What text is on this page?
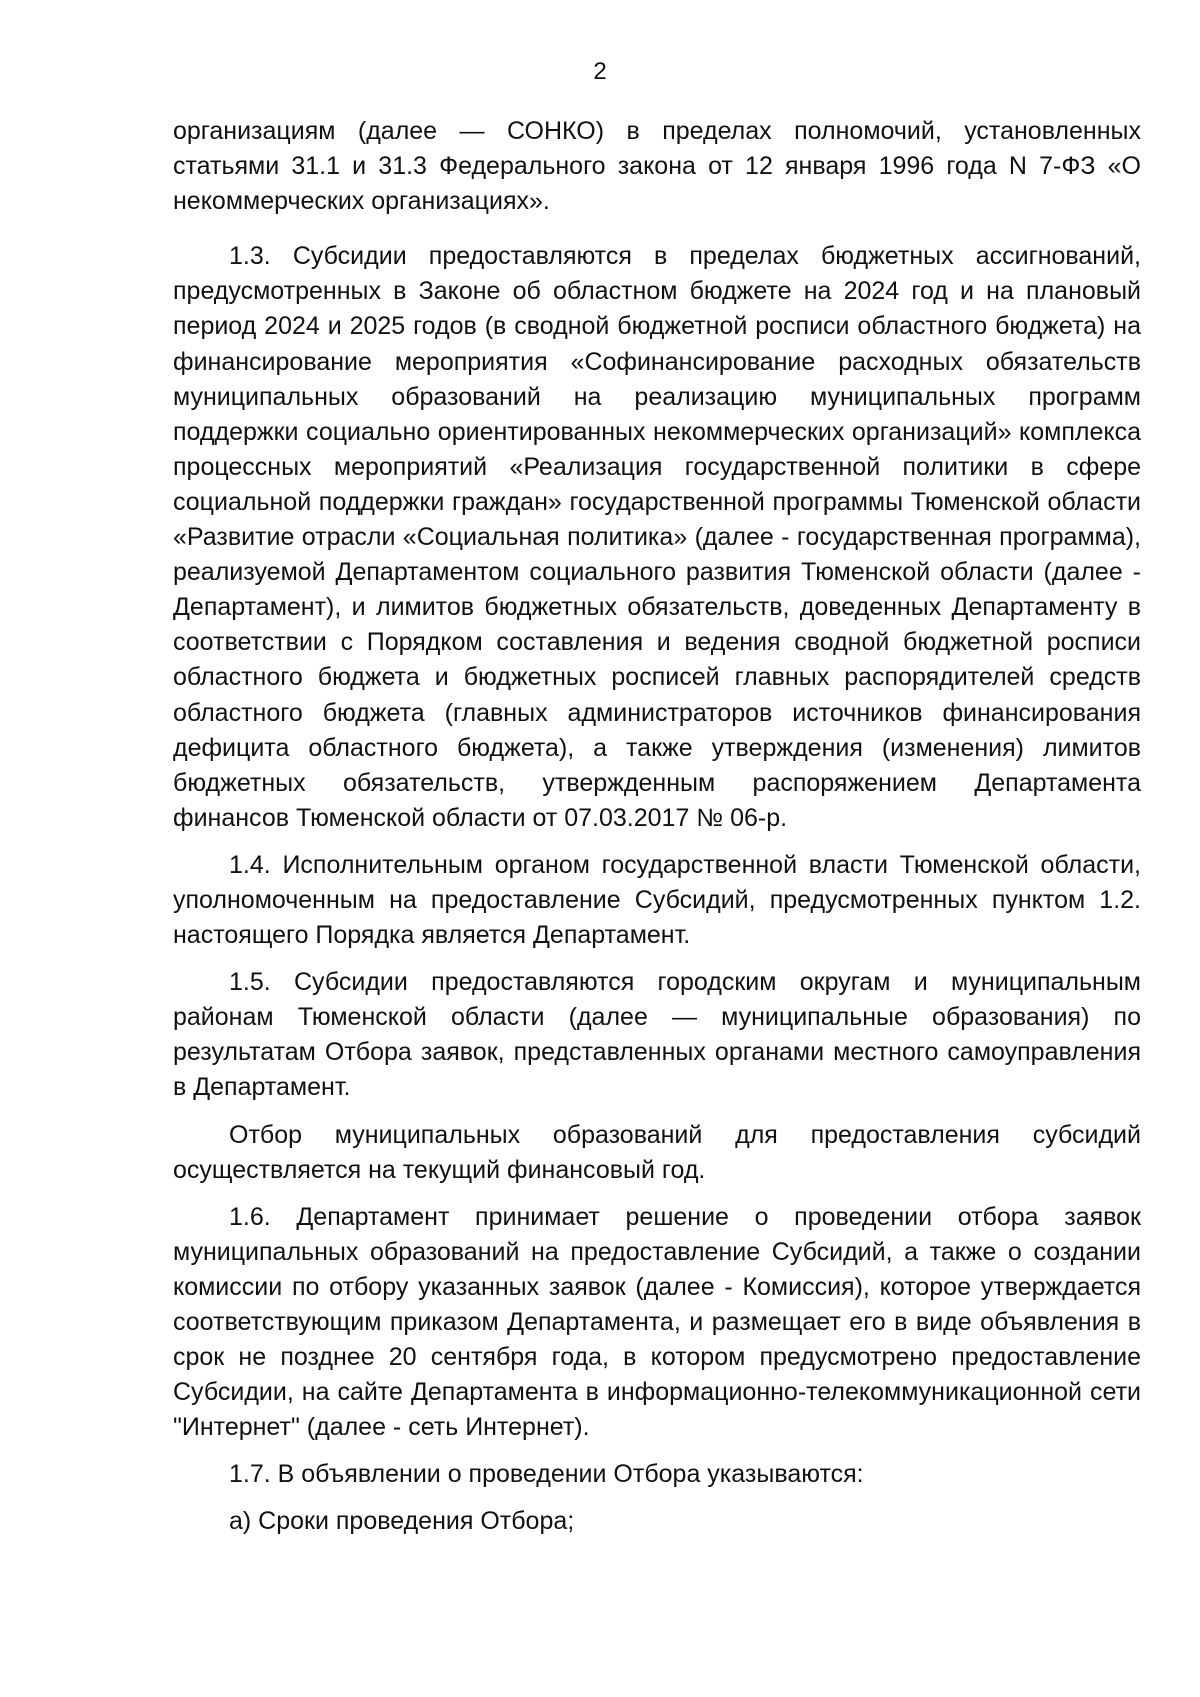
2

организациям (далее — СОНКО) в пределах полномочий, установленных статьями 31.1 и 31.3 Федерального закона от 12 января 1996 года N 7-ФЗ «О некоммерческих организациях».

1.3. Субсидии предоставляются в пределах бюджетных ассигнований, предусмотренных в Законе об областном бюджете на 2024 год и на плановый период 2024 и 2025 годов (в сводной бюджетной росписи областного бюджета) на финансирование мероприятия «Софинансирование расходных обязательств муниципальных образований на реализацию муниципальных программ поддержки социально ориентированных некоммерческих организаций» комплекса процессных мероприятий «Реализация государственной политики в сфере социальной поддержки граждан» государственной программы Тюменской области «Развитие отрасли «Социальная политика» (далее - государственная программа), реализуемой Департаментом социального развития Тюменской области (далее - Департамент), и лимитов бюджетных обязательств, доведенных Департаменту в соответствии с Порядком составления и ведения сводной бюджетной росписи областного бюджета и бюджетных росписей главных распорядителей средств областного бюджета (главных администраторов источников финансирования дефицита областного бюджета), а также утверждения (изменения) лимитов бюджетных обязательств, утвержденным распоряжением Департамента финансов Тюменской области от 07.03.2017 № 06-р.

1.4. Исполнительным органом государственной власти Тюменской области, уполномоченным на предоставление Субсидий, предусмотренных пунктом 1.2. настоящего Порядка является Департамент.

1.5. Субсидии предоставляются городским округам и муниципальным районам Тюменской области (далее — муниципальные образования) по результатам Отбора заявок, представленных органами местного самоуправления в Департамент.

Отбор муниципальных образований для предоставления субсидий осуществляется на текущий финансовый год.

1.6. Департамент принимает решение о проведении отбора заявок муниципальных образований на предоставление Субсидий, а также о создании комиссии по отбору указанных заявок (далее - Комиссия), которое утверждается соответствующим приказом Департамента, и размещает его в виде объявления в срок не позднее 20 сентября года, в котором предусмотрено предоставление Субсидии, на сайте Департамента в информационно-телекоммуникационной сети "Интернет" (далее - сеть Интернет).

1.7. В объявлении о проведении Отбора указываются:

а) Сроки проведения Отбора;
